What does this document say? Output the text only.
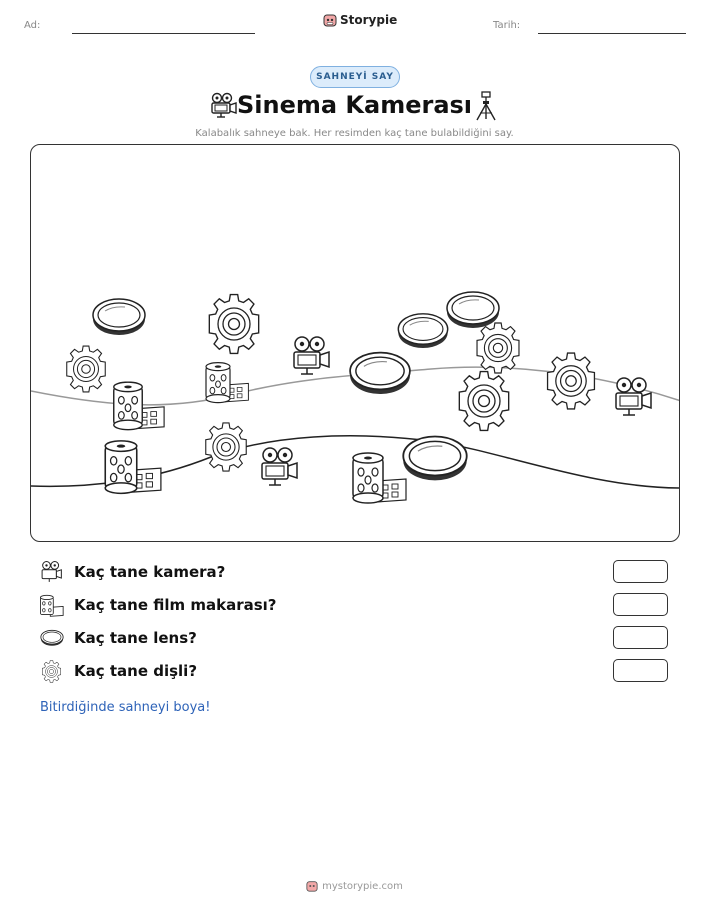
Ad:	Storypie	Tarih:
SAHNEYİ SAY
Sinema Kamerası
Kalabalık sahneye bak. Her resimden kaç tane bulabildiğini say.
Kaç tane kamera?
Kaç tane film makarası?
Kaç tane lens?
Kaç tane dişli?
Bitirdiğinde sahneyi boya!
mystorypie.com
